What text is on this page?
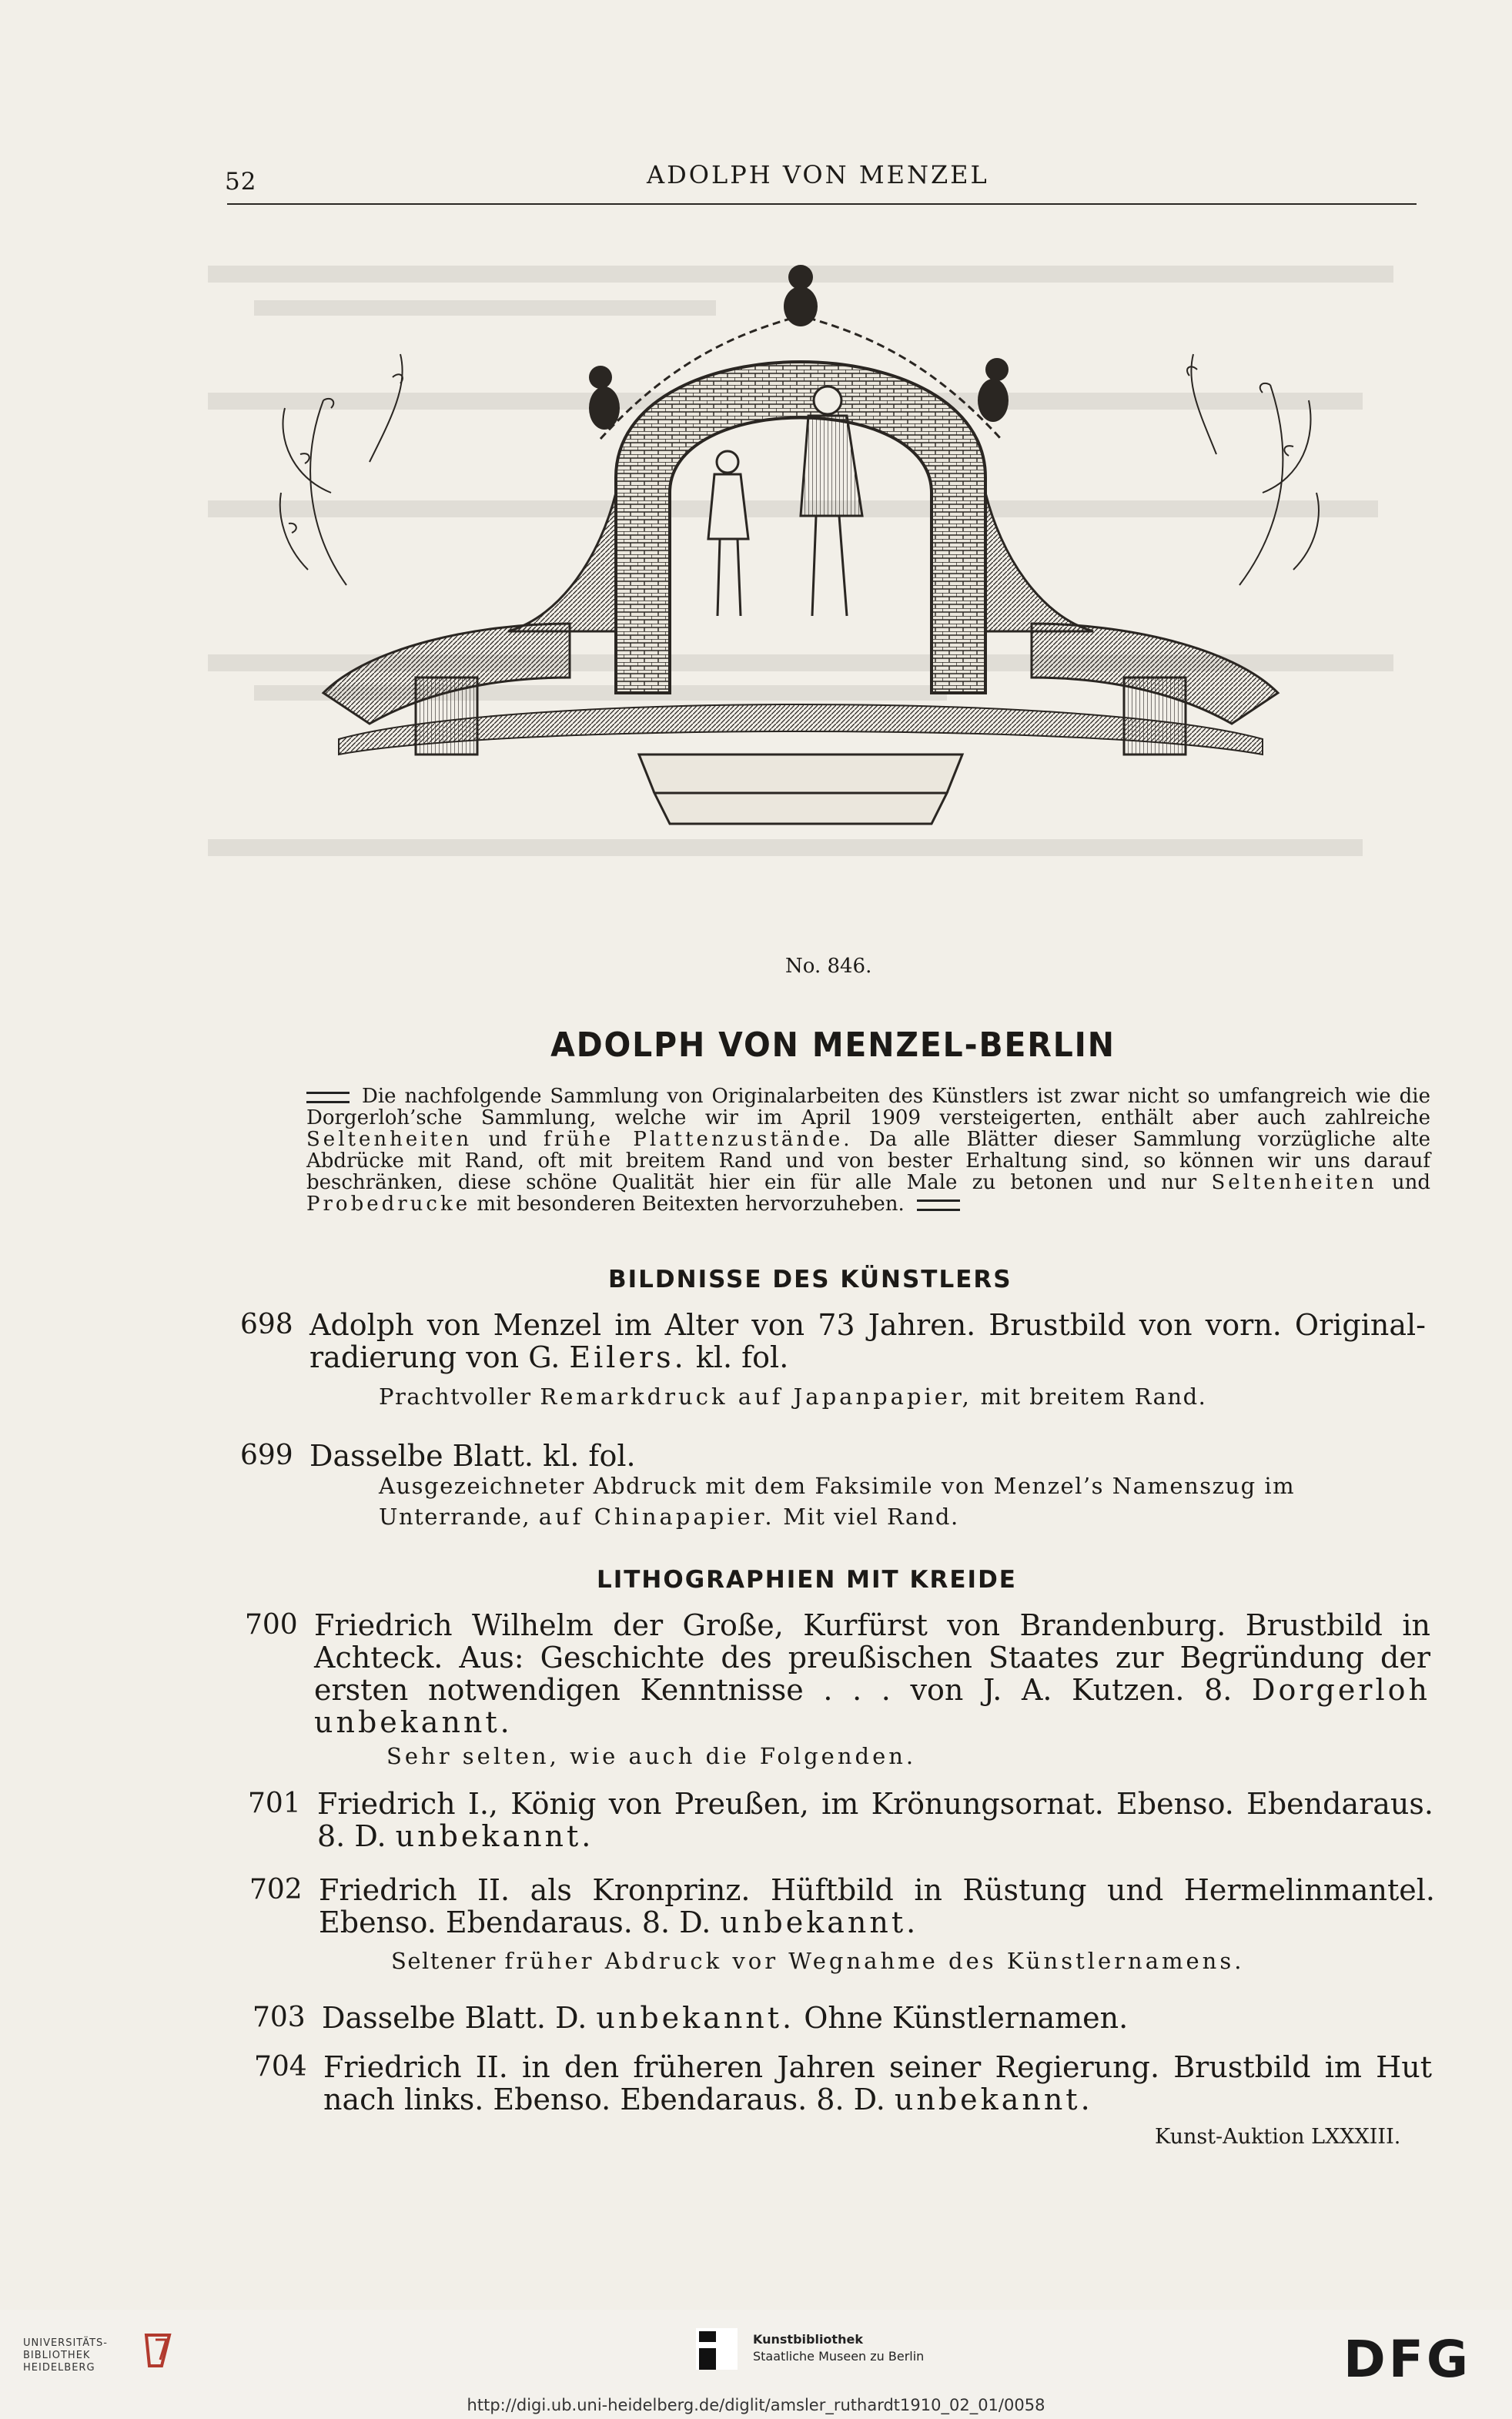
52	ADOLPH VON MENZEL
No. 846.
ADOLPH VON MENZEL-BERLIN
Die nachfolgende Sammlung von Originalarbeiten des Künstlers ist zwar nicht so umfangreich wie die Dorgerloh’sche Sammlung, welche wir im April 1909 versteigerten, enthält aber auch zahlreiche Seltenheiten und frühe Plattenzustände. Da alle Blätter dieser Sammlung vorzügliche alte Abdrücke mit Rand, oft mit breitem Rand und von bester Erhaltung sind, so können wir uns darauf beschränken, diese schöne Qualität hier ein für alle Male zu betonen und nur Seltenheiten und Probedrucke mit besonderen Beitexten hervorzuheben.
BILDNISSE DES KÜNSTLERS
698 Adolph von Menzel im Alter von 73 Jahren. Brustbild von vorn. Original-radierung von G. Eilers. kl. fol.
Prachtvoller Remarkdruck auf Japanpapier, mit breitem Rand.
699 Dasselbe Blatt. kl. fol.
Ausgezeichneter Abdruck mit dem Faksimile von Menzel’s Namenszug im Unterrande, auf Chinapapier. Mit viel Rand.
LITHOGRAPHIEN MIT KREIDE
700 Friedrich Wilhelm der Große, Kurfürst von Brandenburg. Brustbild in Achteck. Aus: Geschichte des preußischen Staates zur Begründung der ersten notwendigen Kenntnisse . . . von J. A. Kutzen. 8. Dorgerloh unbekannt.
Sehr selten, wie auch die Folgenden.
701 Friedrich I., König von Preußen, im Krönungsornat. Ebenso. Ebendaraus. 8. D. unbekannt.
702 Friedrich II. als Kronprinz. Hüftbild in Rüstung und Hermelinmantel. Ebenso. Ebendaraus. 8. D. unbekannt.
Seltener früher Abdruck vor Wegnahme des Künstlernamens.
703 Dasselbe Blatt. D. unbekannt. Ohne Künstlernamen.
704 Friedrich II. in den früheren Jahren seiner Regierung. Brustbild im Hut nach links. Ebenso. Ebendaraus. 8. D. unbekannt.
Kunst-Auktion LXXXIII.
UNIVERSITÄTS-
BIBLIOTHEK
HEIDELBERG
Kunstbibliothek
Staatliche Museen zu Berlin	DFG
http://digi.ub.uni-heidelberg.de/diglit/amsler_ruthardt1910_02_01/0058
